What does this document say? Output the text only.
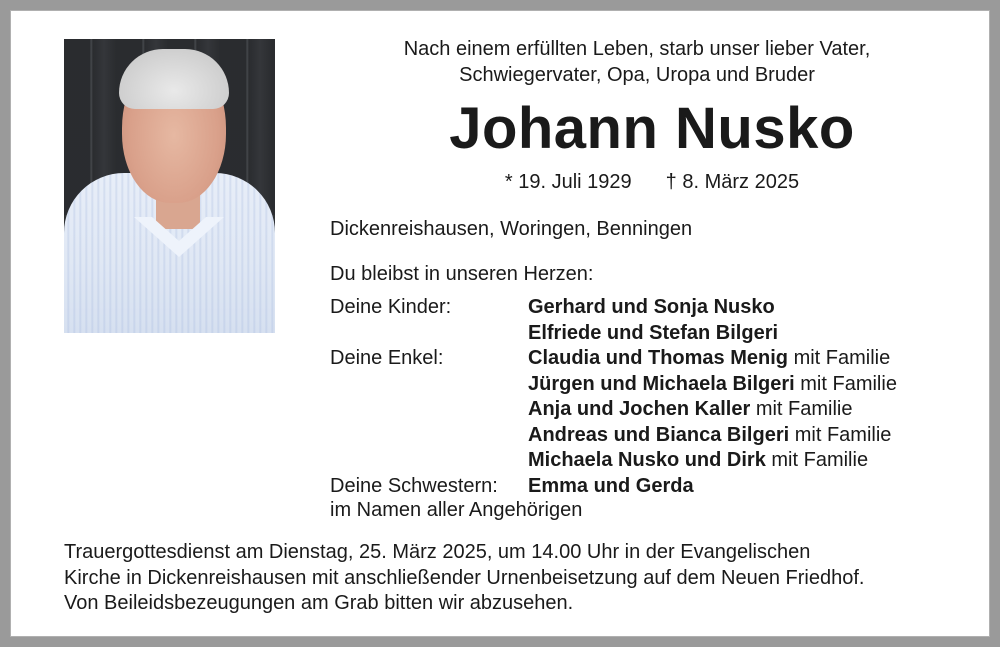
Nach einem erfüllten Leben, starb unser lieber Vater,
Schwiegervater, Opa, Uropa und Bruder
Johann Nusko
* 19. Juli 1929 † 8. März 2025
Dickenreishausen, Woringen, Benningen
Du bleibst in unseren Herzen:
Deine Kinder:	Gerhard und Sonja Nusko
Elfriede und Stefan Bilgeri
Deine Enkel:	Claudia und Thomas Menig mit Familie
Jürgen und Michaela Bilgeri mit Familie
Anja und Jochen Kaller mit Familie
Andreas und Bianca Bilgeri mit Familie
Michaela Nusko und Dirk mit Familie
Deine Schwestern:	Emma und Gerda
im Namen aller Angehörigen
Trauergottesdienst am Dienstag, 25. März 2025, um 14.00 Uhr in der Evangelischen
Kirche in Dickenreishausen mit anschließender Urnenbeisetzung auf dem Neuen Friedhof.
Von Beileidsbezeugungen am Grab bitten wir abzusehen.
